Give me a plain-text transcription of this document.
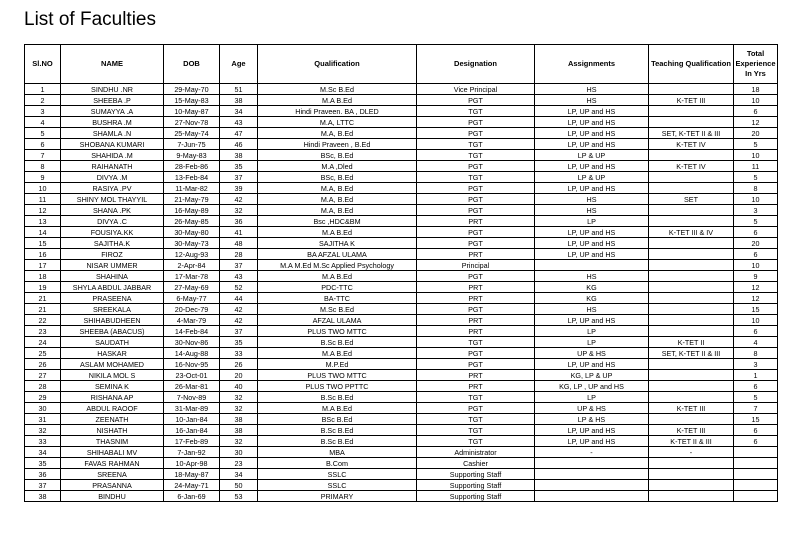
List of Faculties
Sl.NO	NAME	DOB	Age	Qualification	Designation	Assignments	Teaching Qualification	Total Experience In Yrs
1	SINDHU .NR	29-May-70	51	M.Sc B.Ed	Vice Principal	HS		18
2	SHEEBA .P	15-May-83	38	M.A B.Ed	PGT	HS	K-TET III	10
3	SUMAYYA .A	10-May-87	34	Hindi Praveen. BA , DLED	TGT	LP, UP and HS		6
4	BUSHRA .M	27-Nov-78	43	M.A, LTTC	PGT	LP, UP and HS		12
5	SHAMLA .N	25-May-74	47	M.A, B.Ed	PGT	LP, UP and HS	SET, K-TET II & III	20
6	SHOBANA KUMARI	7-Jun-75	46	Hindi Praveen , B.Ed	TGT	LP, UP and HS	K-TET IV	5
7	SHAHIDA .M	9-May-83	38	BSc, B.Ed	TGT	LP & UP		10
8	RAIHANATH	28-Feb-86	35	M.A ,Dled	PGT	LP, UP and HS	K-TET IV	11
9	DIVYA .M	13-Feb-84	37	BSc, B.Ed	TGT	LP & UP		5
10	RASIYA .PV	11-Mar-82	39	M.A, B.Ed	PGT	LP, UP and HS		8
11	SHINY MOL THAYYIL	21-May-79	42	M.A, B.Ed	PGT	HS	SET	10
12	SHANA .PK	16-May-89	32	M.A, B.Ed	PGT	HS		3
13	DIVYA .C	26-May-85	36	Bsc ,HDC&BM	PRT	LP		5
14	FOUSIYA.KK	30-May-80	41	M.A B.Ed	PGT	LP, UP and HS	K-TET III & IV	6
15	SAJITHA.K	30-May-73	48	SAJITHA K	PGT	LP, UP and HS		20
16	FIROZ	12-Aug-93	28	BA AFZAL ULAMA	PRT	LP, UP and HS		6
17	NISAR UMMER	2-Apr-84	37	M.A M.Ed M.Sc Applied Psychology	Principal			10
18	SHAHINA	17-Mar-78	43	M.A B.Ed	PGT	HS		9
19	SHYLA ABDUL JABBAR	27-May-69	52	PDC-TTC	PRT	KG		12
21	PRASEENA	6-May-77	44	BA-TTC	PRT	KG		12
21	SREEKALA	20-Dec-79	42	M.Sc B.Ed	PGT	HS		15
22	SHIHABUDHEEN	4-Mar-79	42	AFZAL ULAMA	PRT	LP, UP and HS		10
23	SHEEBA (ABACUS)	14-Feb-84	37	PLUS TWO MTTC	PRT	LP		6
24	SAUDATH	30-Nov-86	35	B.Sc B.Ed	TGT	LP	K-TET II	4
25	HASKAR	14-Aug-88	33	M.A B.Ed	PGT	UP & HS	SET, K-TET II & III	8
26	ASLAM MOHAMED	16-Nov-95	26	M.P.Ed	PGT	LP, UP and HS		3
27	NIKILA MOL S	23-Oct-01	20	PLUS TWO MTTC	PRT	KG, LP & UP		1
28	SEMINA K	26-Mar-81	40	PLUS TWO PPTTC	PRT	KG, LP , UP and HS		6
29	RISHANA AP	7-Nov-89	32	B.Sc B.Ed	TGT	LP		5
30	ABDUL RAOOF	31-Mar-89	32	M.A B.Ed	PGT	UP & HS	K-TET III	7
31	ZEENATH	10-Jan-84	38	BSc B.Ed	TGT	LP & HS		15
32	NISHATH	16-Jan-84	38	B.Sc B.Ed	TGT	LP, UP and HS	K-TET III	6
33	THASNIM	17-Feb-89	32	B.Sc B.Ed	TGT	LP, UP and HS	K-TET II & III	6
34	SHIHABALI MV	7-Jan-92	30	MBA	Administrator	-	-	
35	FAVAS RAHMAN	10-Apr-98	23	B.Com	Cashier			
36	SREENA	18-May-87	34	SSLC	Supporting Staff			
37	PRASANNA	24-May-71	50	SSLC	Supporting Staff			
38	BINDHU	6-Jan-69	53	PRIMARY	Supporting Staff			
